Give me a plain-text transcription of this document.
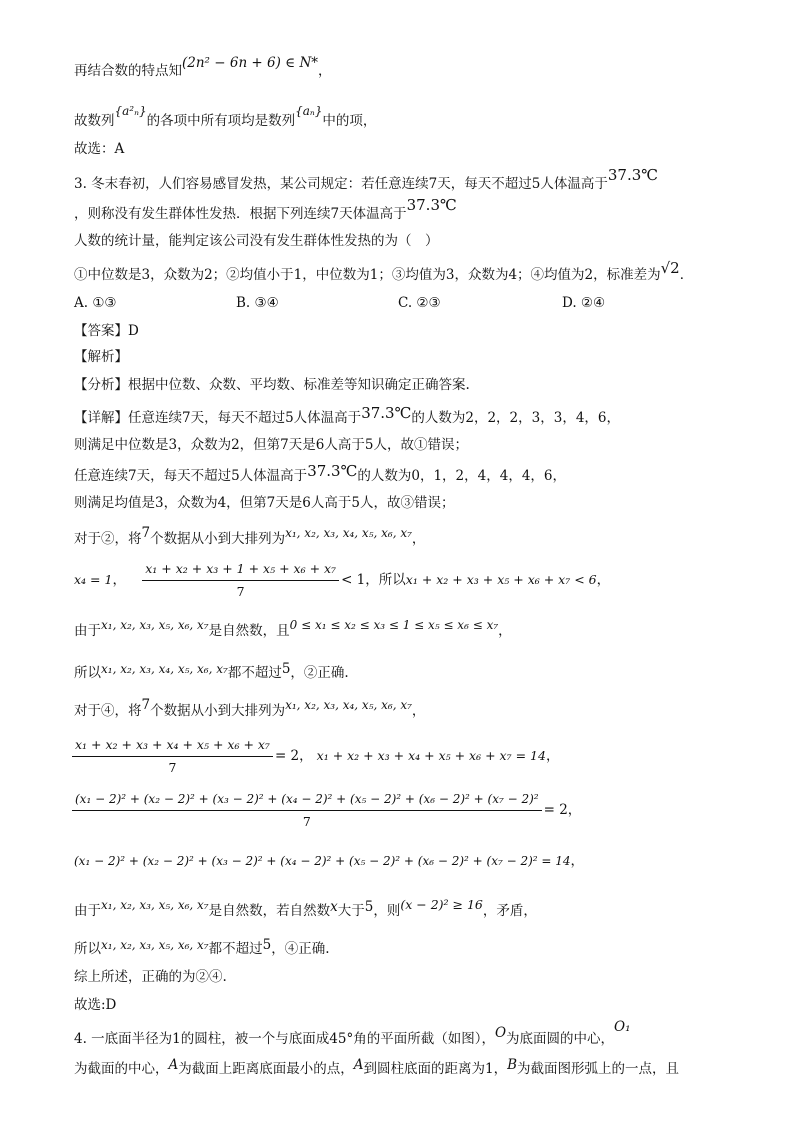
再结合数的特点知(2n² − 6n + 6) ∈ N*，
故数列{a²ₙ}的各项中所有项均是数列{aₙ}中的项，
故选：A
3. 冬末春初，人们容易感冒发热，某公司规定：若任意连续7天，每天不超过5人体温高于37.3℃
，则称没有发生群体性发热．根据下列连续7天体温高于37.3℃
人数的统计量，能判定该公司没有发生群体性发热的为（　）
①中位数是3，众数为2；②均值小于1，中位数为1；③均值为3，众数为4；④均值为2，标准差为√2．
A. ①③	B. ③④	C. ②③	D. ②④
【答案】D
【解析】
【分析】根据中位数、众数、平均数、标准差等知识确定正确答案.
【详解】任意连续7天，每天不超过5人体温高于37.3℃的人数为2，2，2，3，3，4，6，
则满足中位数是3，众数为2，但第7天是6人高于5人，故①错误；
任意连续7天，每天不超过5人体温高于37.3℃的人数为0，1，2，4，4，4，6，
则满足均值是3，众数为4，但第7天是6人高于5人，故③错误；
对于②，将7个数据从小到大排列为x₁, x₂, x₃, x₄, x₅, x₆, x₇，
x₄ = 1， $\frac{\text{x₁ + x₂ + x₃ + 1 + x₅ + x₆ + x₇}}{7} < 1$，所以x₁ + x₂ + x₃ + x₅ + x₆ + x₇ < 6，
由于x₁, x₂, x₃, x₅, x₆, x₇是自然数，且0 ≤ x₁ ≤ x₂ ≤ x₃ ≤ 1 ≤ x₅ ≤ x₆ ≤ x₇，
所以x₁, x₂, x₃, x₄, x₅, x₆, x₇都不超过5，②正确.
对于④，将7个数据从小到大排列为x₁, x₂, x₃, x₄, x₅, x₆, x₇，
$\frac{\text{x₁ + x₂ + x₃ + x₄ + x₅ + x₆ + x₇}}{7} = 2$， x₁ + x₂ + x₃ + x₄ + x₅ + x₆ + x₇ = 14，
(x₁ − 2)² + (x₂ − 2)² + (x₃ − 2)² + (x₄ − 2)² + (x₅ − 2)² + (x₆ − 2)² + (x₇ − 2)²
7
= 2，
(x₁ − 2)² + (x₂ − 2)² + (x₃ − 2)² + (x₄ − 2)² + (x₅ − 2)² + (x₆ − 2)² + (x₇ − 2)² = 14，
由于x₁, x₂, x₃, x₅, x₆, x₇是自然数，若自然数x大于5，则(x − 2)² ≥ 16，矛盾，
所以x₁, x₂, x₃, x₅, x₆, x₇都不超过5，④正确.
综上所述，正确的为②④.
故选:D
4. 一底面半径为1的圆柱，被一个与底面成45°角的平面所截（如图），O为底面圆的中心，O₁
为截面的中心，A为截面上距离底面最小的点，A到圆柱底面的距离为1，B为截面图形弧上的一点，且
